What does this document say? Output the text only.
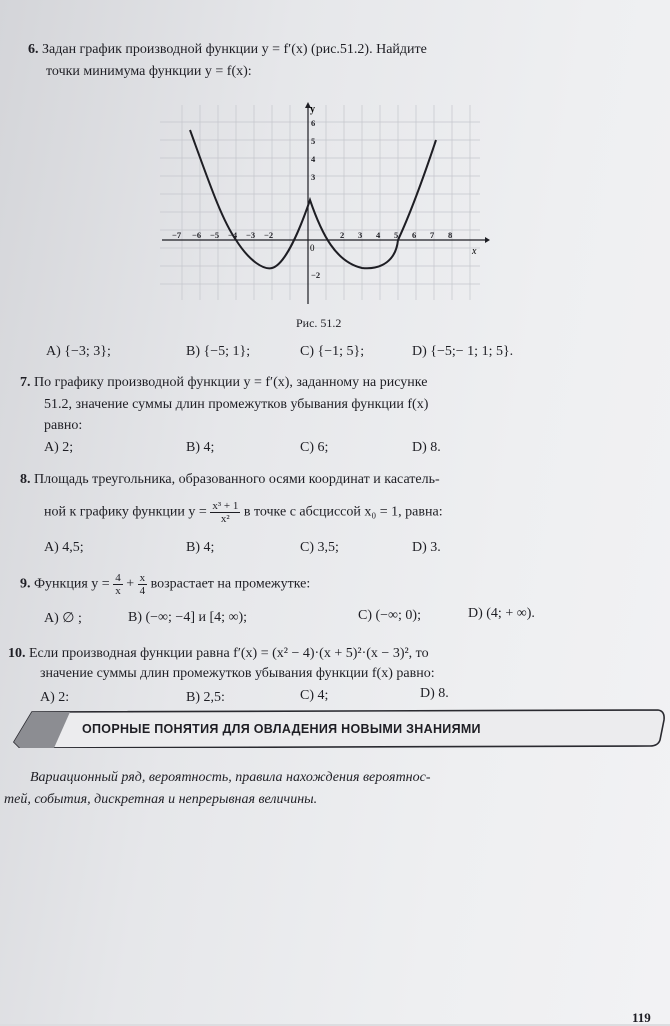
6. Задан график производной функции y = f′(x) (рис.51.2). Найдите
точки минимума функции y = f(x):
y
x
0
−7 −6 −5 −4 −3 −2	2 3 4 5 6 7 8
6
5
4
3
−2
Рис. 51.2
A) {−3; 3};	B) {−5; 1};	C) {−1; 5};	D) {−5;− 1; 1; 5}.
7. По графику производной функции y = f′(x), заданному на рисунке
51.2, значение суммы длин промежутков убывания функции f(x)
равно:
A) 2;	B) 4;	C) 6;	D) 8.
8. Площадь треугольника, образованного осями координат и касатель-
ной к графику функции $y = \frac{\text{x³ + 1}}{\text{x²}}$ в точке с абсциссой x₀ = 1, равна:
A) 4,5;	B) 4;	C) 3,5;	D) 3.
9. Функция $y = \frac{4}{x} + \frac{x}{4}$ возрастает на промежутке:
A) ∅ ;	B) (−∞; −4] и [4; ∞);	C) (−∞; 0);	D) (4; + ∞).
10. Если производная функции равна f′(x) = (x² − 4)·(x + 5)²·(x − 3)², то
значение суммы длин промежутков убывания функции f(x) равно:
A) 2:	B) 2,5:	C) 4;	D) 8.
ОПОРНЫЕ ПОНЯТИЯ ДЛЯ ОВЛАДЕНИЯ НОВЫМИ ЗНАНИЯМИ
Вариационный ряд, вероятность, правила нахождения вероятнос-
тей, события, дискретная и непрерывная величины.
119
